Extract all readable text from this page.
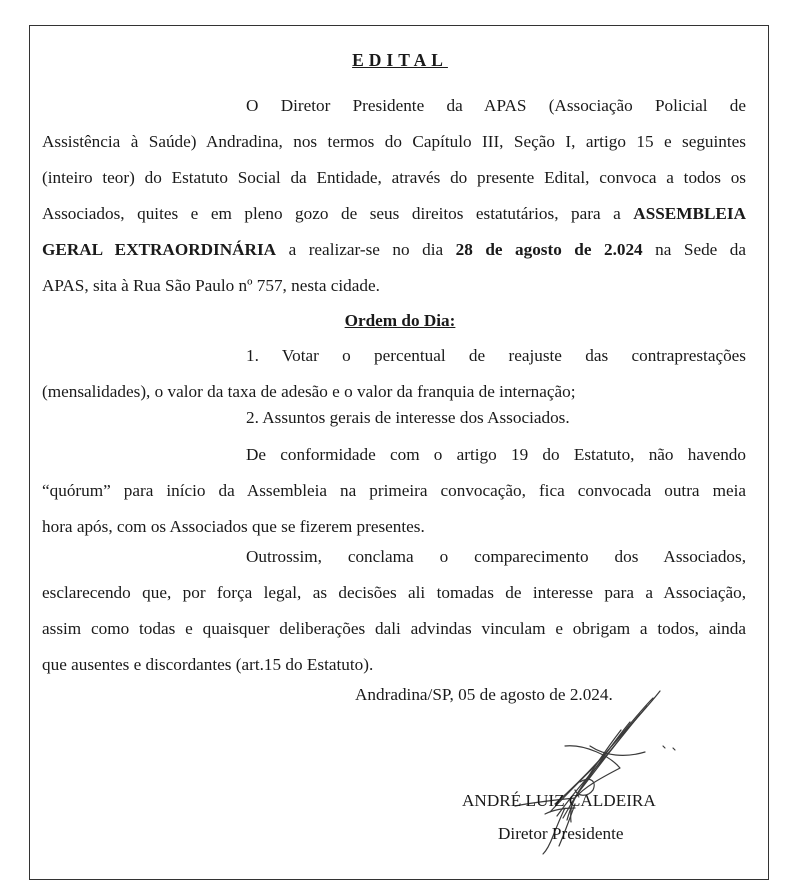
EDITAL
O Diretor Presidente da APAS (Associação Policial de
Assistência à Saúde) Andradina, nos termos do Capítulo III, Seção I, artigo 15 e seguintes
(inteiro teor) do Estatuto Social da Entidade, através do presente Edital, convoca a todos os
Associados, quites e em pleno gozo de seus direitos estatutários, para a ASSEMBLEIA
GERAL EXTRAORDINÁRIA a realizar-se no dia 28 de agosto de 2.024 na Sede da
APAS, sita à Rua São Paulo nº 757, nesta cidade.
Ordem do Dia:
1. Votar o percentual de reajuste das contraprestações
(mensalidades), o valor da taxa de adesão e o valor da franquia de internação;
2. Assuntos gerais de interesse dos Associados.
De conformidade com o artigo 19 do Estatuto, não havendo
“quórum” para início da Assembleia na primeira convocação, fica convocada outra meia
hora após, com os Associados que se fizerem presentes.
Outrossim, conclama o comparecimento dos Associados,
esclarecendo que, por força legal, as decisões ali tomadas de interesse para a Associação,
assim como todas e quaisquer deliberações dali advindas vinculam e obrigam a todos, ainda
que ausentes e discordantes (art.15 do Estatuto).
Andradina/SP, 05 de agosto de 2.024.
ANDRÉ LUIZ CALDEIRA
Diretor Presidente
